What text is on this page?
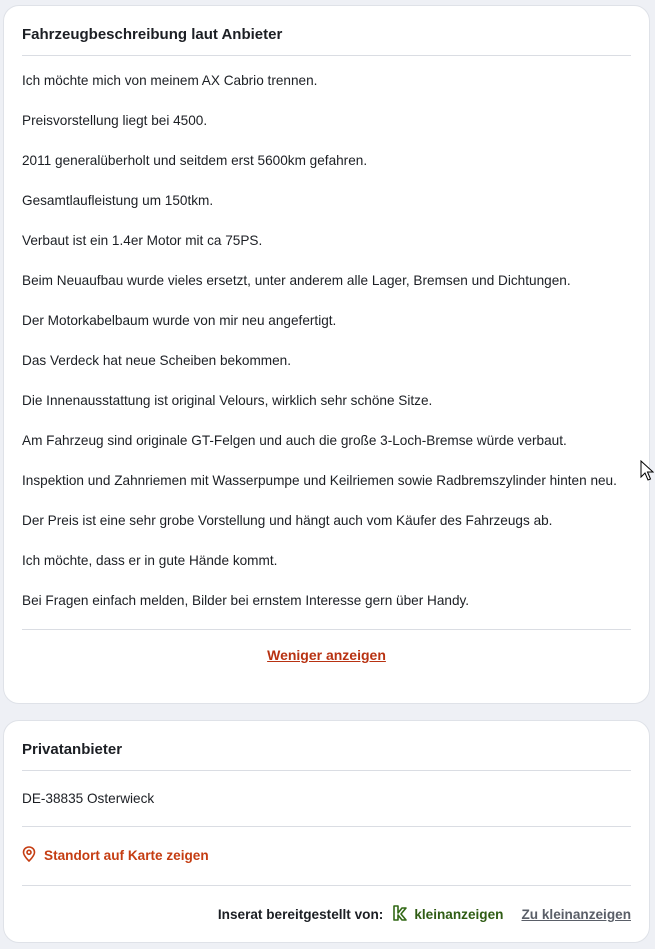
Fahrzeugbeschreibung laut Anbieter

Ich möchte mich von meinem AX Cabrio trennen.

Preisvorstellung liegt bei 4500.

2011 generalüberholt und seitdem erst 5600km gefahren.

Gesamtlaufleistung um 150tkm.

Verbaut ist ein 1.4er Motor mit ca 75PS.

Beim Neuaufbau wurde vieles ersetzt, unter anderem alle Lager, Bremsen und Dichtungen.

Der Motorkabelbaum wurde von mir neu angefertigt.

Das Verdeck hat neue Scheiben bekommen.

Die Innenausstattung ist original Velours, wirklich sehr schöne Sitze.

Am Fahrzeug sind originale GT-Felgen und auch die große 3-Loch-Bremse würde verbaut.

Inspektion und Zahnriemen mit Wasserpumpe und Keilriemen sowie Radbremszylinder hinten neu.

Der Preis ist eine sehr grobe Vorstellung und hängt auch vom Käufer des Fahrzeugs ab.

Ich möchte, dass er in gute Hände kommt.

Bei Fragen einfach melden, Bilder bei ernstem Interesse gern über Handy.

Weniger anzeigen
Privatanbieter
DE-38835 Osterwieck
Standort auf Karte zeigen
Inserat bereitgestellt von: kleinanzeigen Zu kleinanzeigen
